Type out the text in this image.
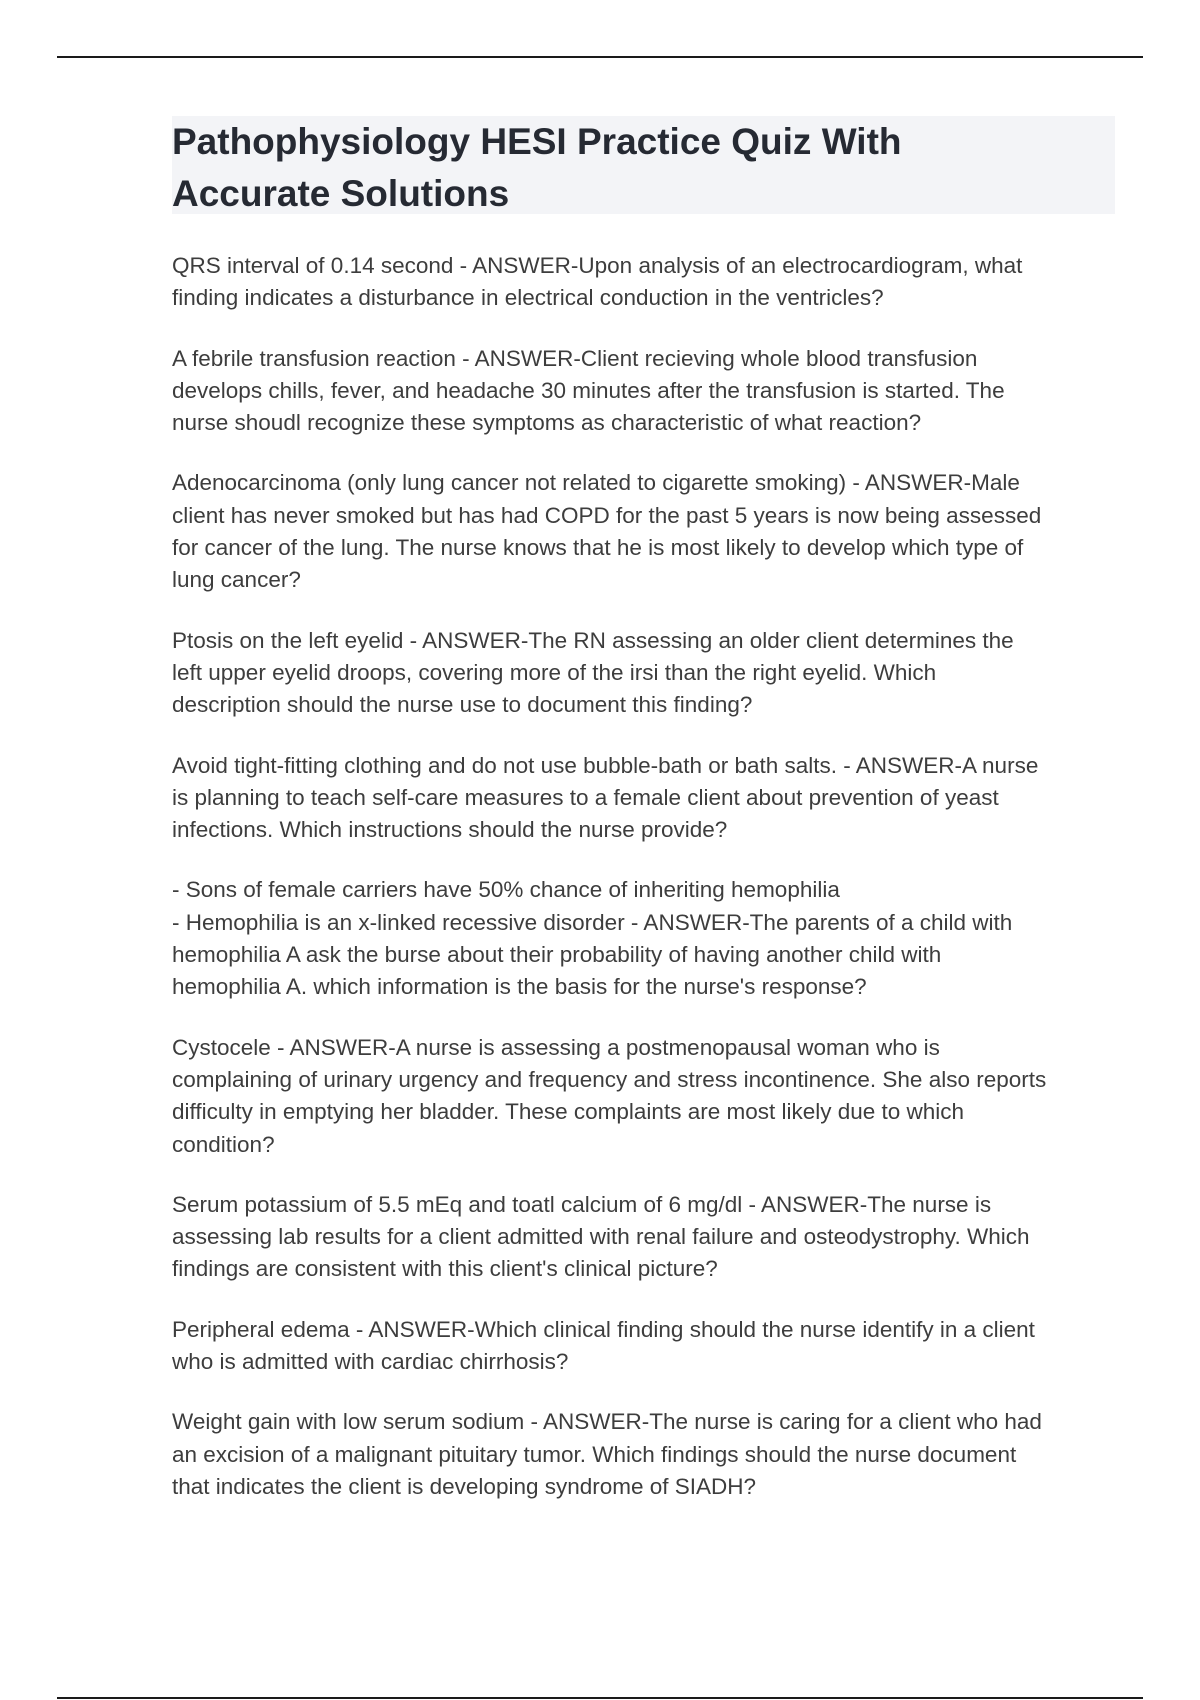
Pathophysiology HESI Practice Quiz With
Accurate Solutions

QRS interval of 0.14 second - ANSWER-Upon analysis of an electrocardiogram, what
finding indicates a disturbance in electrical conduction in the ventricles?

A febrile transfusion reaction - ANSWER-Client recieving whole blood transfusion
develops chills, fever, and headache 30 minutes after the transfusion is started. The
nurse shoudl recognize these symptoms as characteristic of what reaction?

Adenocarcinoma (only lung cancer not related to cigarette smoking) - ANSWER-Male
client has never smoked but has had COPD for the past 5 years is now being assessed
for cancer of the lung. The nurse knows that he is most likely to develop which type of
lung cancer?

Ptosis on the left eyelid - ANSWER-The RN assessing an older client determines the
left upper eyelid droops, covering more of the irsi than the right eyelid. Which
description should the nurse use to document this finding?

Avoid tight-fitting clothing and do not use bubble-bath or bath salts. - ANSWER-A nurse
is planning to teach self-care measures to a female client about prevention of yeast
infections. Which instructions should the nurse provide?

- Sons of female carriers have 50% chance of inheriting hemophilia
- Hemophilia is an x-linked recessive disorder - ANSWER-The parents of a child with
hemophilia A ask the burse about their probability of having another child with
hemophilia A. which information is the basis for the nurse's response?

Cystocele - ANSWER-A nurse is assessing a postmenopausal woman who is
complaining of urinary urgency and frequency and stress incontinence. She also reports
difficulty in emptying her bladder. These complaints are most likely due to which
condition?

Serum potassium of 5.5 mEq and toatl calcium of 6 mg/dl - ANSWER-The nurse is
assessing lab results for a client admitted with renal failure and osteodystrophy. Which
findings are consistent with this client's clinical picture?

Peripheral edema - ANSWER-Which clinical finding should the nurse identify in a client
who is admitted with cardiac chirrhosis?

Weight gain with low serum sodium - ANSWER-The nurse is caring for a client who had
an excision of a malignant pituitary tumor. Which findings should the nurse document
that indicates the client is developing syndrome of SIADH?
